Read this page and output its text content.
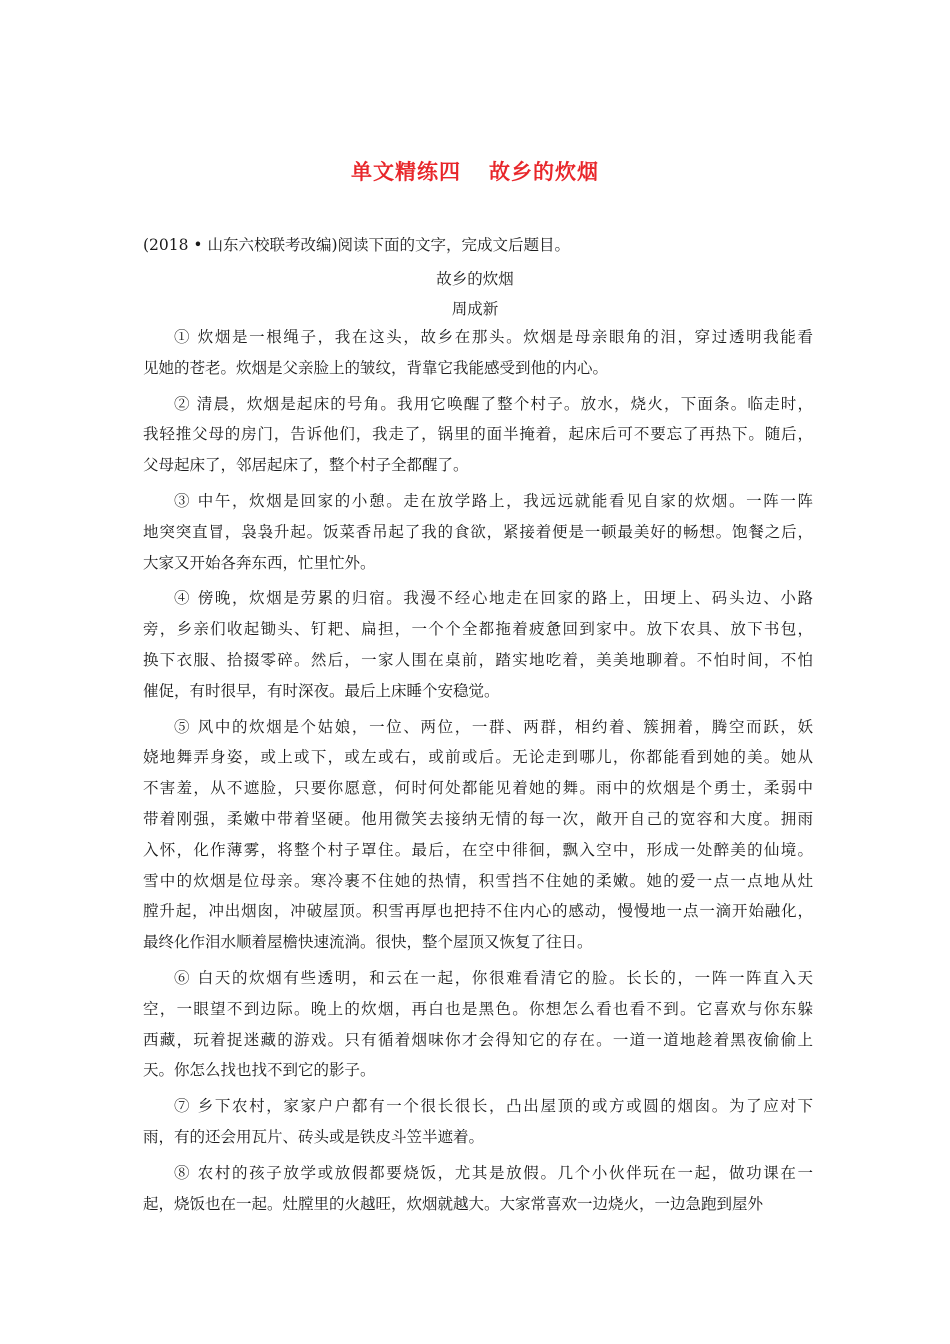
单文精练四 故乡的炊烟
(2018 • 山东六校联考改编)阅读下面的文字，完成文后题目。
故乡的炊烟
周成新
① 炊烟是一根绳子，我在这头，故乡在那头。炊烟是母亲眼角的泪，穿过透明我能看
见她的苍老。炊烟是父亲脸上的皱纹，背靠它我能感受到他的内心。
② 清晨，炊烟是起床的号角。我用它唤醒了整个村子。放水，烧火，下面条。临走时，
我轻推父母的房门，告诉他们，我走了，锅里的面半掩着，起床后可不要忘了再热下。随后，
父母起床了，邻居起床了，整个村子全都醒了。
③ 中午，炊烟是回家的小憩。走在放学路上，我远远就能看见自家的炊烟。一阵一阵
地突突直冒，袅袅升起。饭菜香吊起了我的食欲，紧接着便是一顿最美好的畅想。饱餐之后，
大家又开始各奔东西，忙里忙外。
④ 傍晚，炊烟是劳累的归宿。我漫不经心地走在回家的路上，田埂上、码头边、小路
旁，乡亲们收起锄头、钉耙、扁担，一个个全都拖着疲惫回到家中。放下农具、放下书包，
换下衣服、拾掇零碎。然后，一家人围在桌前，踏实地吃着，美美地聊着。不怕时间，不怕
催促，有时很早，有时深夜。最后上床睡个安稳觉。
⑤ 风中的炊烟是个姑娘，一位、两位，一群、两群，相约着、簇拥着，腾空而跃，妖
娆地舞弄身姿，或上或下，或左或右，或前或后。无论走到哪儿，你都能看到她的美。她从
不害羞，从不遮脸，只要你愿意，何时何处都能见着她的舞。雨中的炊烟是个勇士，柔弱中
带着刚强，柔嫩中带着坚硬。他用微笑去接纳无情的每一次，敞开自己的宽容和大度。拥雨
入怀，化作薄雾，将整个村子罩住。最后，在空中徘徊，飘入空中，形成一处醉美的仙境。
雪中的炊烟是位母亲。寒冷裹不住她的热情，积雪挡不住她的柔嫩。她的爱一点一点地从灶
膛升起，冲出烟囱，冲破屋顶。积雪再厚也把持不住内心的感动，慢慢地一点一滴开始融化，
最终化作泪水顺着屋檐快速流淌。很快，整个屋顶又恢复了往日。
⑥ 白天的炊烟有些透明，和云在一起，你很难看清它的脸。长长的，一阵一阵直入天
空，一眼望不到边际。晚上的炊烟，再白也是黑色。你想怎么看也看不到。它喜欢与你东躲
西藏，玩着捉迷藏的游戏。只有循着烟味你才会得知它的存在。一道一道地趁着黑夜偷偷上
天。你怎么找也找不到它的影子。
⑦ 乡下农村，家家户户都有一个很长很长，凸出屋顶的或方或圆的烟囱。为了应对下
雨，有的还会用瓦片、砖头或是铁皮斗笠半遮着。
⑧ 农村的孩子放学或放假都要烧饭，尤其是放假。几个小伙伴玩在一起，做功课在一
起，烧饭也在一起。灶膛里的火越旺，炊烟就越大。大家常喜欢一边烧火，一边急跑到屋外
